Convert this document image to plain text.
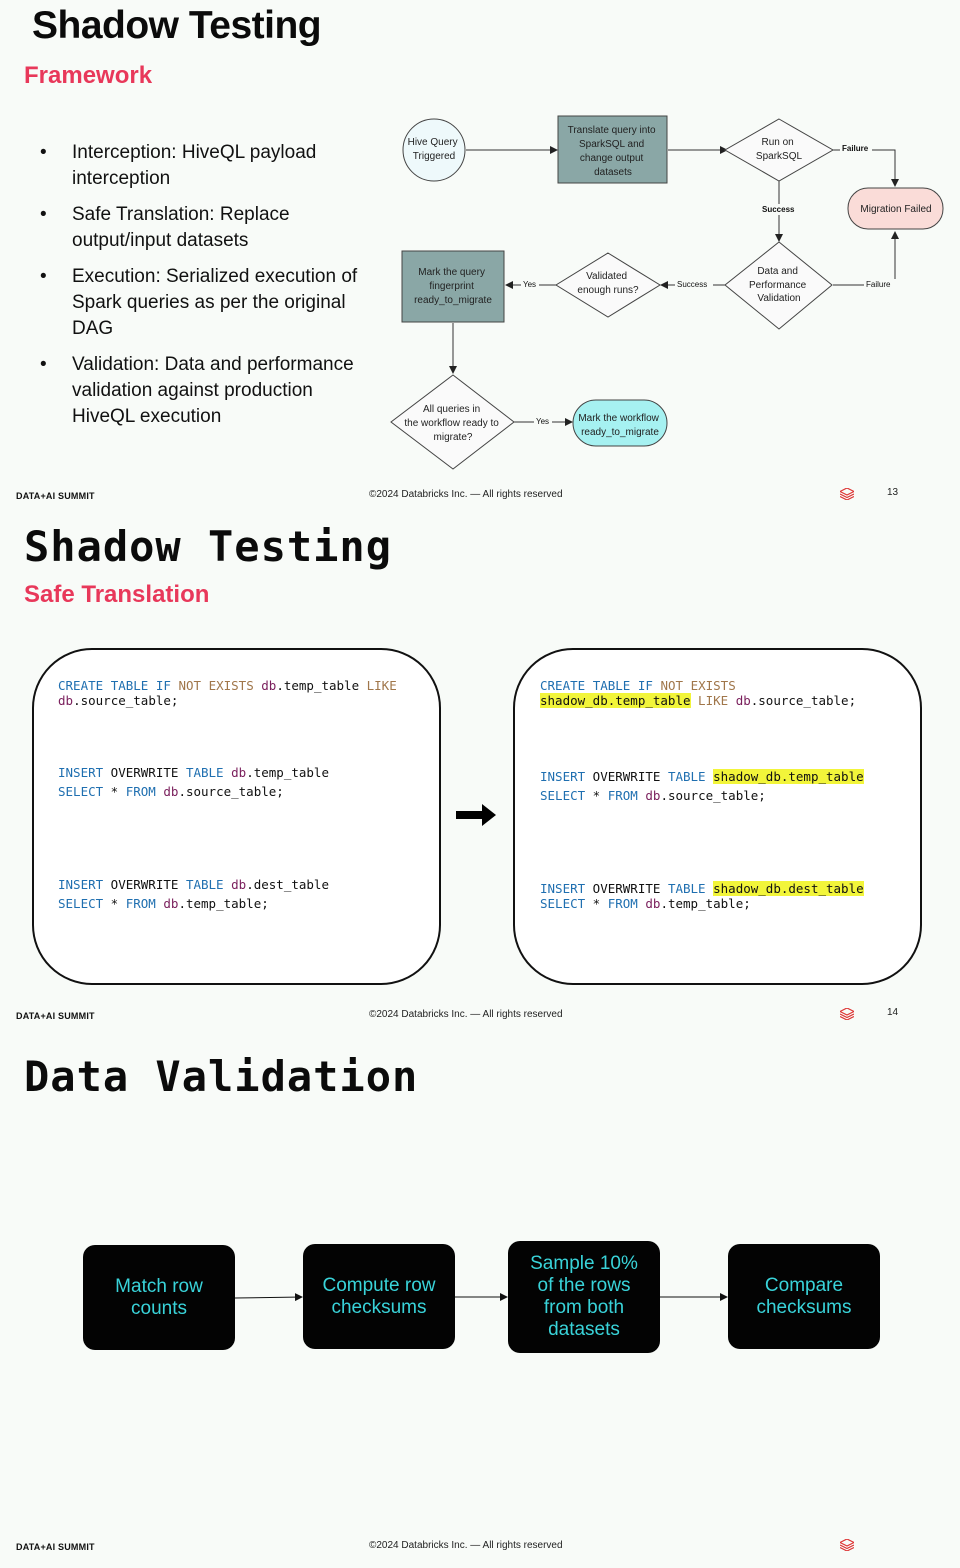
Shadow Testing
Framework
• Interception: HiveQL payload interception
• Safe Translation: Replace output/input datasets
• Execution: Serialized execution of Spark queries as per the original DAG
• Validation: Data and performance validation against production HiveQL execution
Hive Query Triggered
Translate query into SparkSQL and change output datasets
Run on SparkSQL
Migration Failed
Data and Performance Validation
Validated enough runs?
Mark the query fingerprint ready_to_migrate
All queries in the workflow ready to migrate?
Mark the workflow ready_to_migrate
Failure
Success
Failure
Success
Yes
Yes
DATA+AI SUMMIT	©2024 Databricks Inc. — All rights reserved	13
Shadow Testing
Safe Translation
CREATE TABLE IF NOT EXISTS db.temp_table LIKE
db.source_table;
INSERT OVERWRITE TABLE db.temp_table
SELECT * FROM db.source_table;
INSERT OVERWRITE TABLE db.dest_table
SELECT * FROM db.temp_table;
CREATE TABLE IF NOT EXISTS
shadow_db.temp_table LIKE db.source_table;
INSERT OVERWRITE TABLE shadow_db.temp_table
SELECT * FROM db.source_table;
INSERT OVERWRITE TABLE shadow_db.dest_table
SELECT * FROM db.temp_table;
DATA+AI SUMMIT	©2024 Databricks Inc. — All rights reserved	14
Data Validation
Match row counts
Compute row checksums
Sample 10% of the rows from both datasets
Compare checksums
DATA+AI SUMMIT	©2024 Databricks Inc. — All rights reserved
